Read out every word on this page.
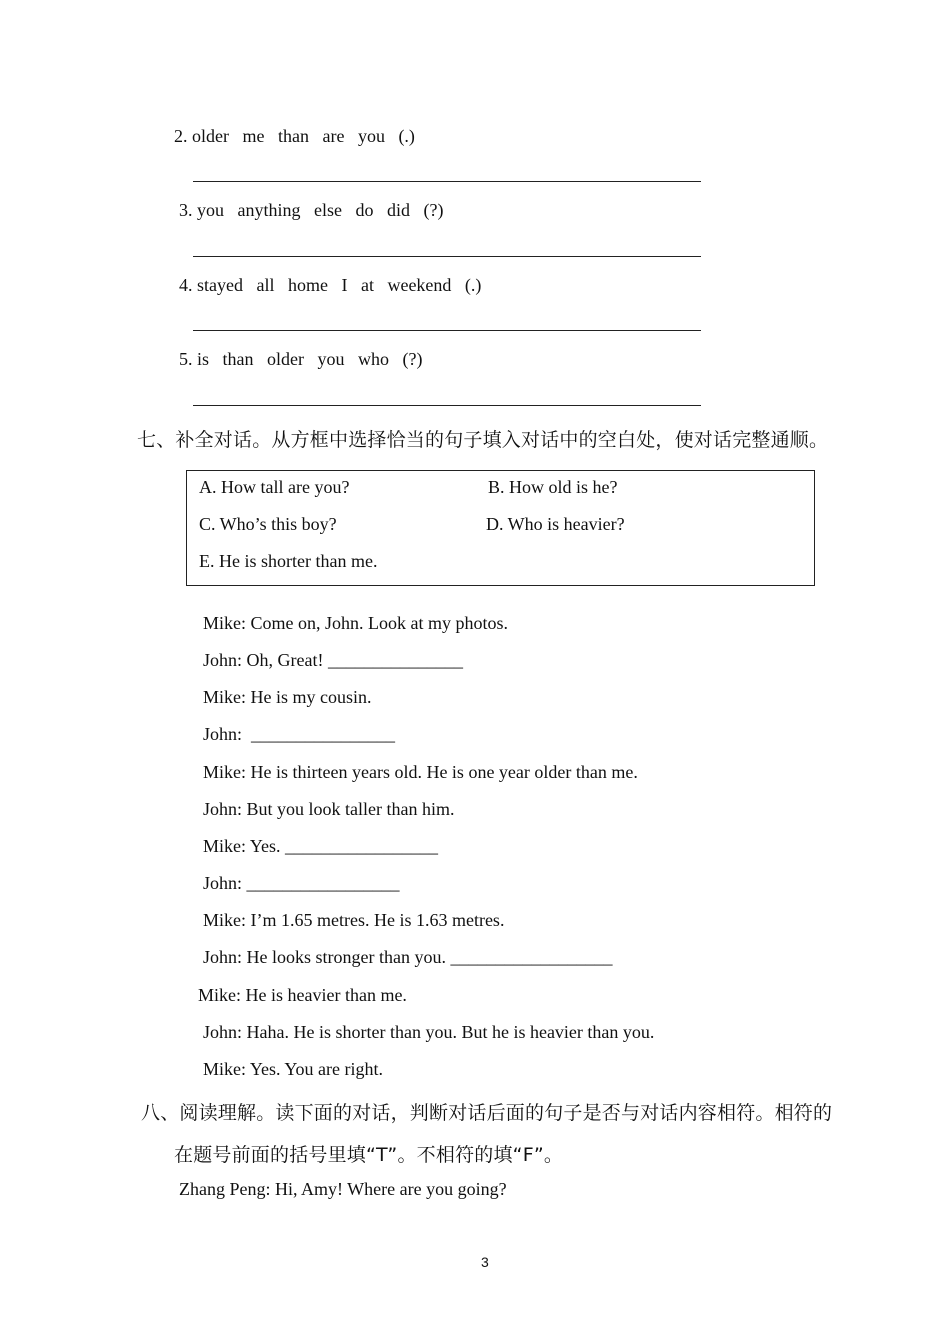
2. older   me   than   are   you   (.)
3. you   anything   else   do   did   (?)
4. stayed   all   home   I   at   weekend   (.)
5. is   than   older   you   who   (?)
七、补全对话。从方框中选择恰当的句子填入对话中的空白处，使对话完整通顺。
A. How tall are you?	B. How old is he?
C. Who’s this boy?	D. Who is heavier?
E. He is shorter than me.
Mike: Come on, John. Look at my photos.
John: Oh, Great! _______________
Mike: He is my cousin.
John:  ________________
Mike: He is thirteen years old. He is one year older than me.
John: But you look taller than him.
Mike: Yes. _________________
John: _________________
Mike: I’m 1.65 metres. He is 1.63 metres.
John: He looks stronger than you. __________________
Mike: He is heavier than me.
John: Haha. He is shorter than you. But he is heavier than you.
Mike: Yes. You are right.
八、阅读理解。读下面的对话，判断对话后面的句子是否与对话内容相符。相符的
在题号前面的括号里填“T”。不相符的填“F”。
Zhang Peng: Hi, Amy! Where are you going?
3
